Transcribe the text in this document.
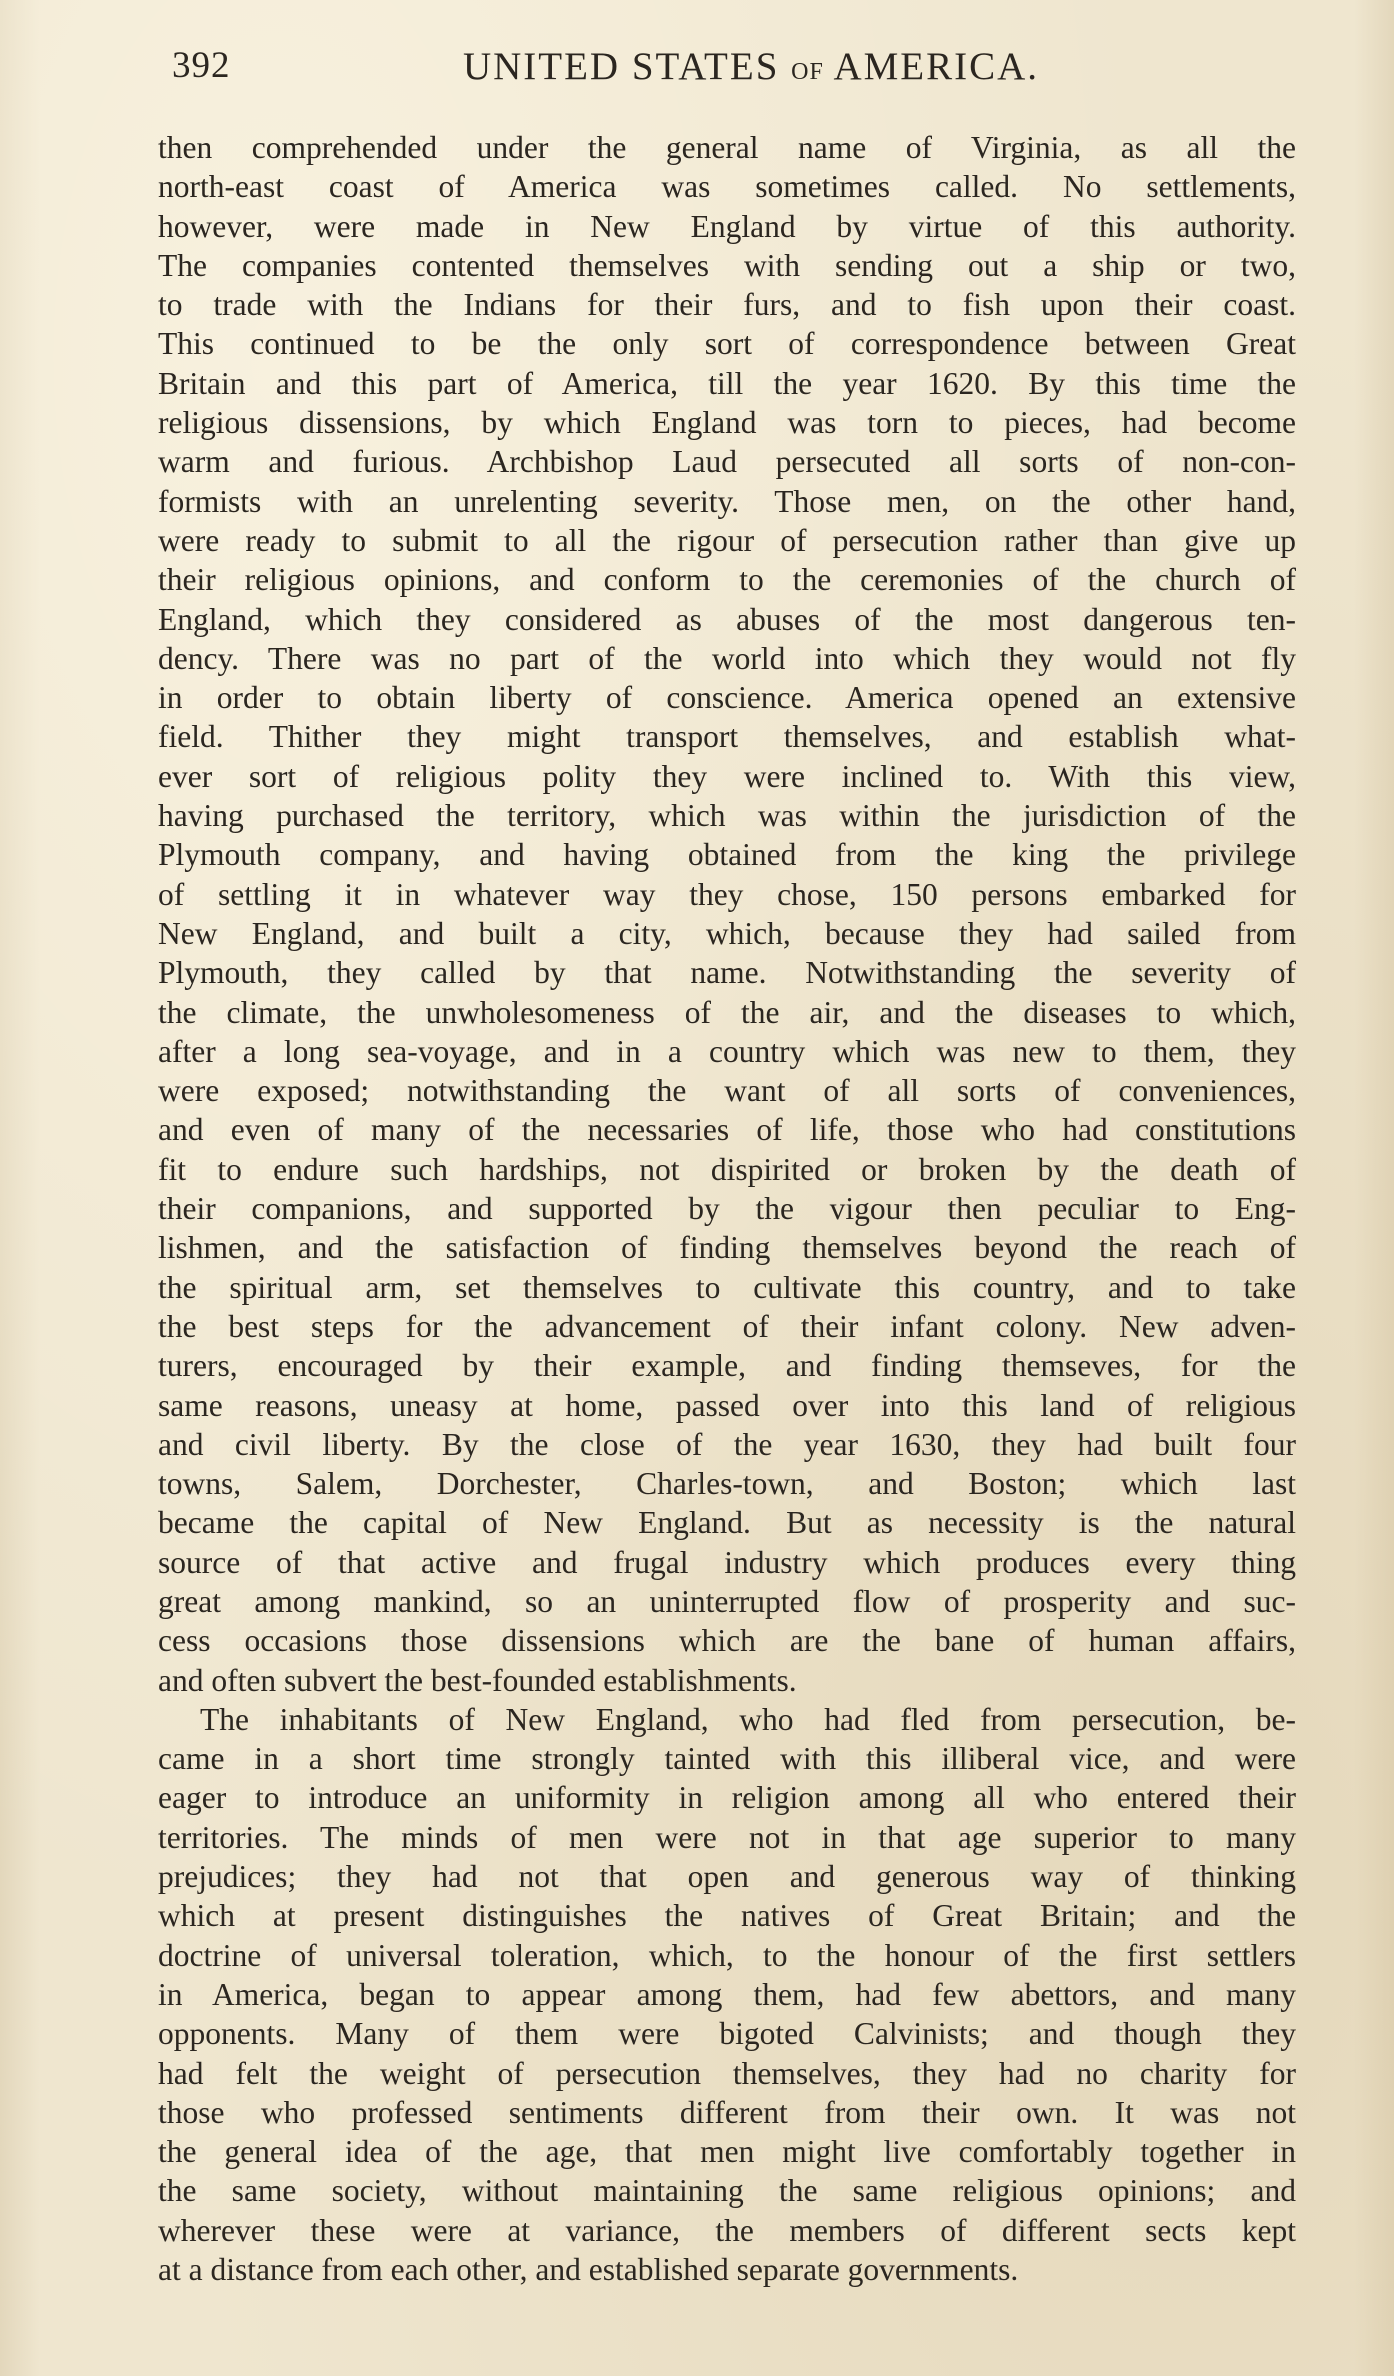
392	UNITED STATES OF AMERICA.
then comprehended under the general name of Virginia, as all the
north-east coast of America was sometimes called. No settlements,
however, were made in New England by virtue of this authority.
The companies contented themselves with sending out a ship or two,
to trade with the Indians for their furs, and to fish upon their coast.
This continued to be the only sort of correspondence between Great
Britain and this part of America, till the year 1620. By this time the
religious dissensions, by which England was torn to pieces, had become
warm and furious. Archbishop Laud persecuted all sorts of non-con-
formists with an unrelenting severity. Those men, on the other hand,
were ready to submit to all the rigour of persecution rather than give up
their religious opinions, and conform to the ceremonies of the church of
England, which they considered as abuses of the most dangerous ten-
dency. There was no part of the world into which they would not fly
in order to obtain liberty of conscience. America opened an extensive
field. Thither they might transport themselves, and establish what-
ever sort of religious polity they were inclined to. With this view,
having purchased the territory, which was within the jurisdiction of the
Plymouth company, and having obtained from the king the privilege
of settling it in whatever way they chose, 150 persons embarked for
New England, and built a city, which, because they had sailed from
Plymouth, they called by that name. Notwithstanding the severity of
the climate, the unwholesomeness of the air, and the diseases to which,
after a long sea-voyage, and in a country which was new to them, they
were exposed; notwithstanding the want of all sorts of conveniences,
and even of many of the necessaries of life, those who had constitutions
fit to endure such hardships, not dispirited or broken by the death of
their companions, and supported by the vigour then peculiar to Eng-
lishmen, and the satisfaction of finding themselves beyond the reach of
the spiritual arm, set themselves to cultivate this country, and to take
the best steps for the advancement of their infant colony. New adven-
turers, encouraged by their example, and finding themseves, for the
same reasons, uneasy at home, passed over into this land of religious
and civil liberty. By the close of the year 1630, they had built four
towns, Salem, Dorchester, Charles-town, and Boston; which last
became the capital of New England. But as necessity is the natural
source of that active and frugal industry which produces every thing
great among mankind, so an uninterrupted flow of prosperity and suc-
cess occasions those dissensions which are the bane of human affairs,
and often subvert the best-founded establishments.
The inhabitants of New England, who had fled from persecution, be-
came in a short time strongly tainted with this illiberal vice, and were
eager to introduce an uniformity in religion among all who entered their
territories. The minds of men were not in that age superior to many
prejudices; they had not that open and generous way of thinking
which at present distinguishes the natives of Great Britain; and the
doctrine of universal toleration, which, to the honour of the first settlers
in America, began to appear among them, had few abettors, and many
opponents. Many of them were bigoted Calvinists; and though they
had felt the weight of persecution themselves, they had no charity for
those who professed sentiments different from their own. It was not
the general idea of the age, that men might live comfortably together in
the same society, without maintaining the same religious opinions; and
wherever these were at variance, the members of different sects kept
at a distance from each other, and established separate governments.
